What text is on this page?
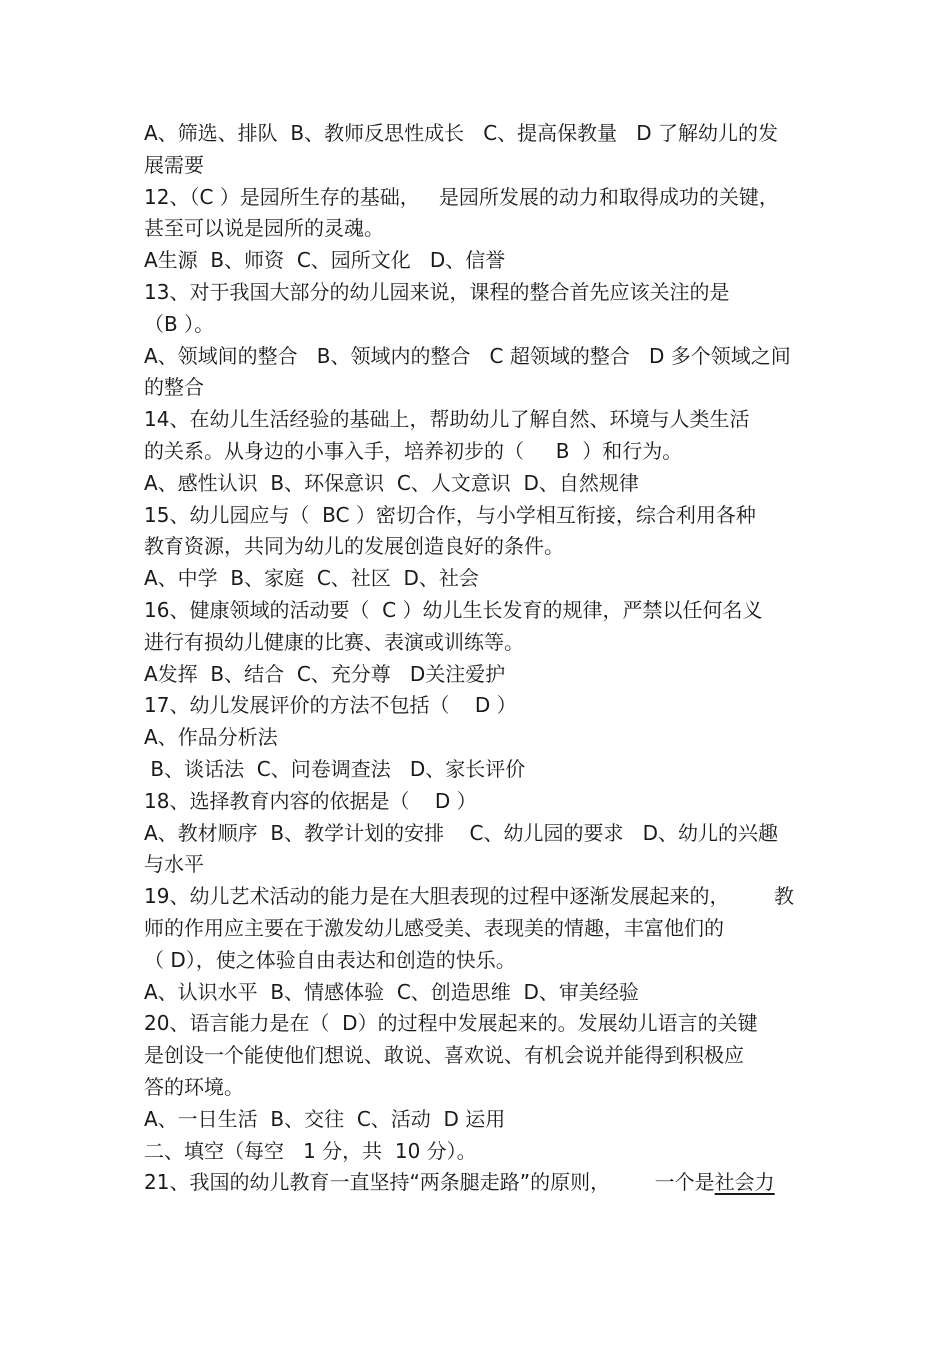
A、筛选、排队  B、教师反思性成长   C、提高保教量   D 了解幼儿的发
展需要
12、（C ）是园所生存的基础，   是园所发展的动力和取得成功的关键，
甚至可以说是园所的灵魂。
A生源  B、师资  C、园所文化   D、信誉
13、对于我国大部分的幼儿园来说，课程的整合首先应该关注的是
（B ）。
A、领域间的整合   B、领域内的整合   C 超领域的整合   D 多个领域之间
的整合
14、在幼儿生活经验的基础上，帮助幼儿了解自然、环境与人类生活
的关系。从身边的小事入手，培养初步的（     B  ）和行为。
A、感性认识  B、环保意识  C、人文意识  D、自然规律
15、幼儿园应与（  BC ）密切合作，与小学相互衔接，综合利用各种
教育资源，共同为幼儿的发展创造良好的条件。
A、中学  B、家庭  C、社区  D、社会
16、健康领域的活动要（  C ）幼儿生长发育的规律，严禁以任何名义
进行有损幼儿健康的比赛、表演或训练等。
A发挥  B、结合  C、充分尊   D关注爱护
17、幼儿发展评价的方法不包括（    D ）
A、作品分析法
B、谈话法  C、问卷调查法   D、家长评价
18、选择教育内容的依据是（    D ）
A、教材顺序  B、教学计划的安排    C、幼儿园的要求   D、幼儿的兴趣
与水平
19、幼儿艺术活动的能力是在大胆表现的过程中逐渐发展起来的，       教
师的作用应主要在于激发幼儿感受美、表现美的情趣，丰富他们的
（ D），使之体验自由表达和创造的快乐。
A、认识水平  B、情感体验  C、创造思维  D、审美经验
20、语言能力是在（  D）的过程中发展起来的。发展幼儿语言的关键
是创设一个能使他们想说、敢说、喜欢说、有机会说并能得到积极应
答的环境。
A、一日生活  B、交往  C、活动  D 运用
二、填空（每空   1 分，共  10 分）。
21、我国的幼儿教育一直坚持“两条腿走路”的原则，       一个是社会力
